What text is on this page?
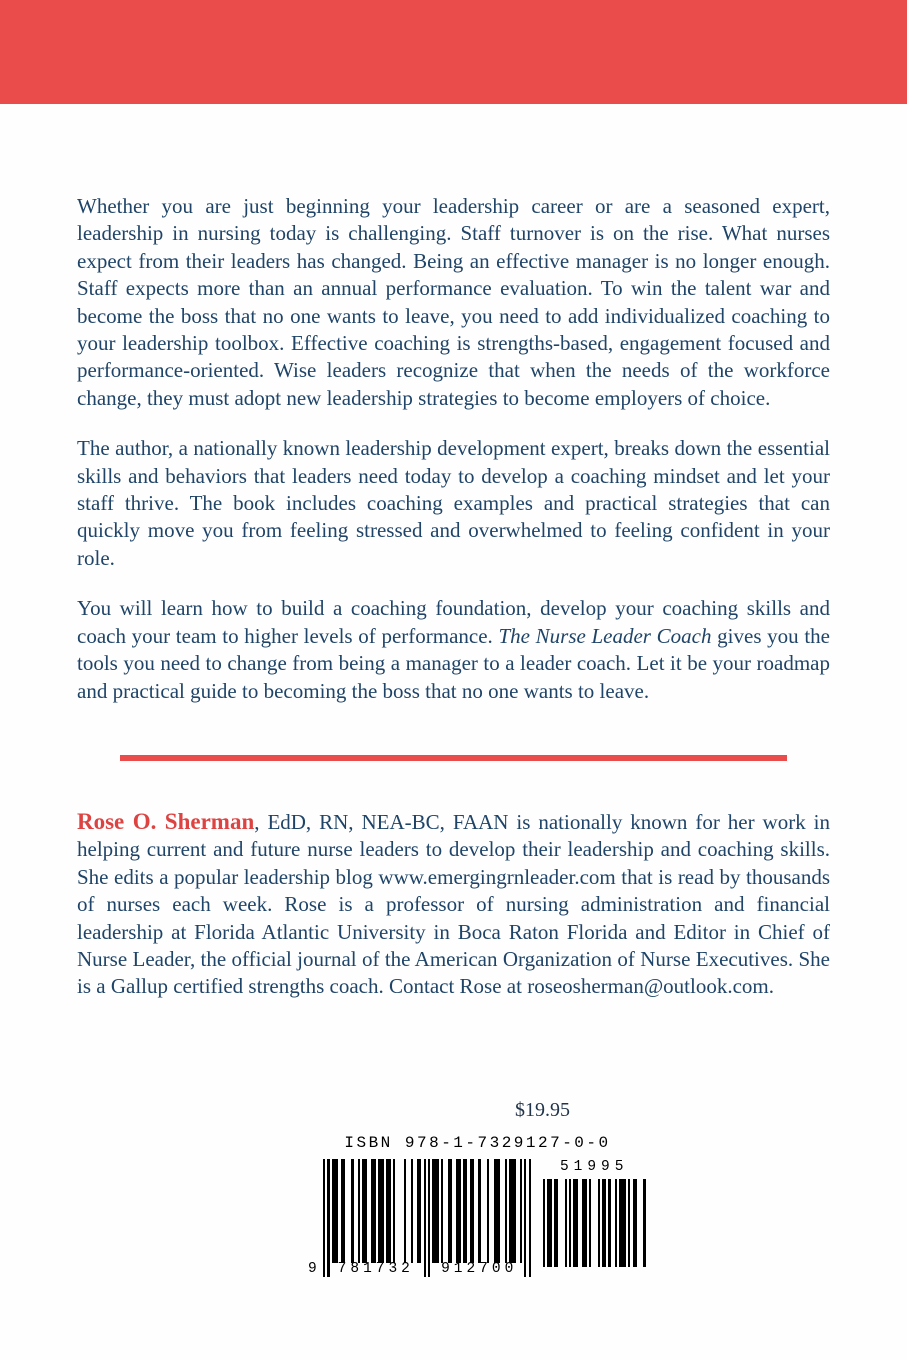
Whether you are just beginning your leadership career or are a seasoned expert, leadership in nursing today is challenging. Staff turnover is on the rise. What nurses expect from their leaders has changed. Being an effective manager is no longer enough. Staff expects more than an annual performance evaluation. To win the talent war and become the boss that no one wants to leave, you need to add individualized coaching to your leadership toolbox. Effective coaching is strengths-based, engagement focused and performance-oriented. Wise leaders recognize that when the needs of the workforce change, they must adopt new leadership strategies to become employers of choice.

The author, a nationally known leadership development expert, breaks down the essential skills and behaviors that leaders need today to develop a coaching mindset and let your staff thrive. The book includes coaching examples and practical strategies that can quickly move you from feeling stressed and overwhelmed to feeling confident in your role.

You will learn how to build a coaching foundation, develop your coaching skills and coach your team to higher levels of performance. The Nurse Leader Coach gives you the tools you need to change from being a manager to a leader coach. Let it be your roadmap and practical guide to becoming the boss that no one wants to leave.

Rose O. Sherman, EdD, RN, NEA-BC, FAAN is nationally known for her work in helping current and future nurse leaders to develop their leadership and coaching skills. She edits a popular leadership blog www.emergingrnleader.com that is read by thousands of nurses each week. Rose is a professor of nursing administration and financial leadership at Florida Atlantic University in Boca Raton Florida and Editor in Chief of Nurse Leader, the official journal of the American Organization of Nurse Executives. She is a Gallup certified strengths coach. Contact Rose at roseosherman@outlook.com.

$19.95
ISBN 978-1-7329127-0-0
9	781732	912700
51995
